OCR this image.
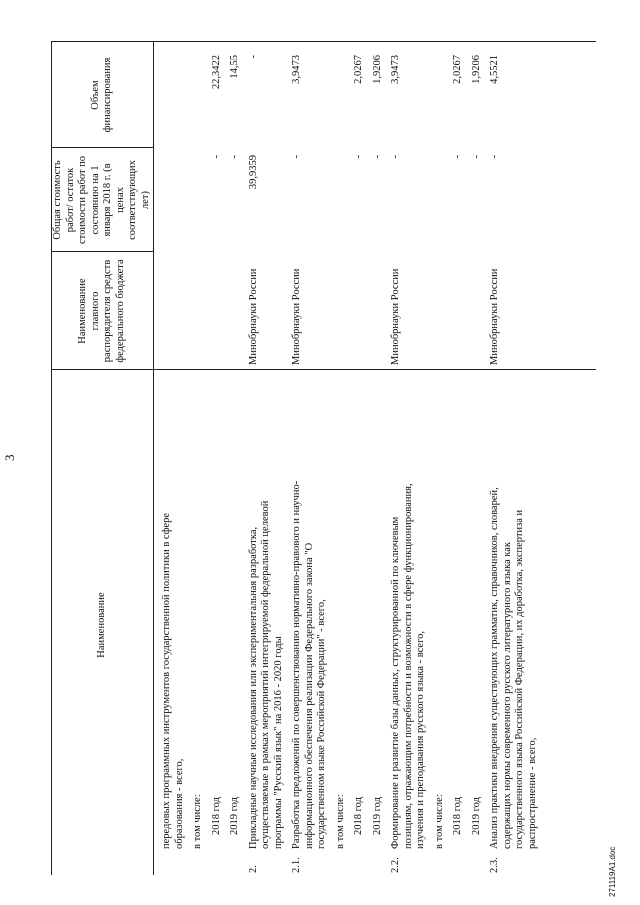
3
Наименование
Наименование главного распорядителя средств федерального бюджета
Общая стоимость работ/ остаток стоимости работ по состоянию на 1 января 2018 г. (в ценах соответствующих лет)
Объем финансирования
передовых программных инструментов государственной политики в сфере образования - всего, в том числе: 2018 год
-
22,3422
2019 год
-
14,55
2.
Прикладные научные исследования или экспериментальная разработка, осуществляемые в рамках мероприятий интегрируемой федеральной целевой программы "Русский язык" на 2016 - 2020 годы
Минобрнауки России
39,9359
-
2.1.
Разработка предложений по совершенствованию нормативно-правового и научно-информационного обеспечения реализации Федерального закона "О государственном языке Российской Федерации" - всего,
Минобрнауки России
-
3,9473
в том числе: 2018 год
-
2,0267
2019 год
-
1,9206
2.2.
Формирование и развитие базы данных, структурированной по ключевым позициям, отражающим потребности и возможности в сфере функционирования, изучения и преподавания русского языка - всего,
Минобрнауки России
-
3,9473
в том числе: 2018 год
-
2,0267
2019 год
-
1,9206
2.3.
Анализ практики внедрения существующих грамматик, справочников, словарей, содержащих нормы современного русского литературного языка как государственного языка Российской Федерации, их доработка, экспертиза и распространение - всего,
Минобрнауки России
-
4,5521
271119A1.doc
